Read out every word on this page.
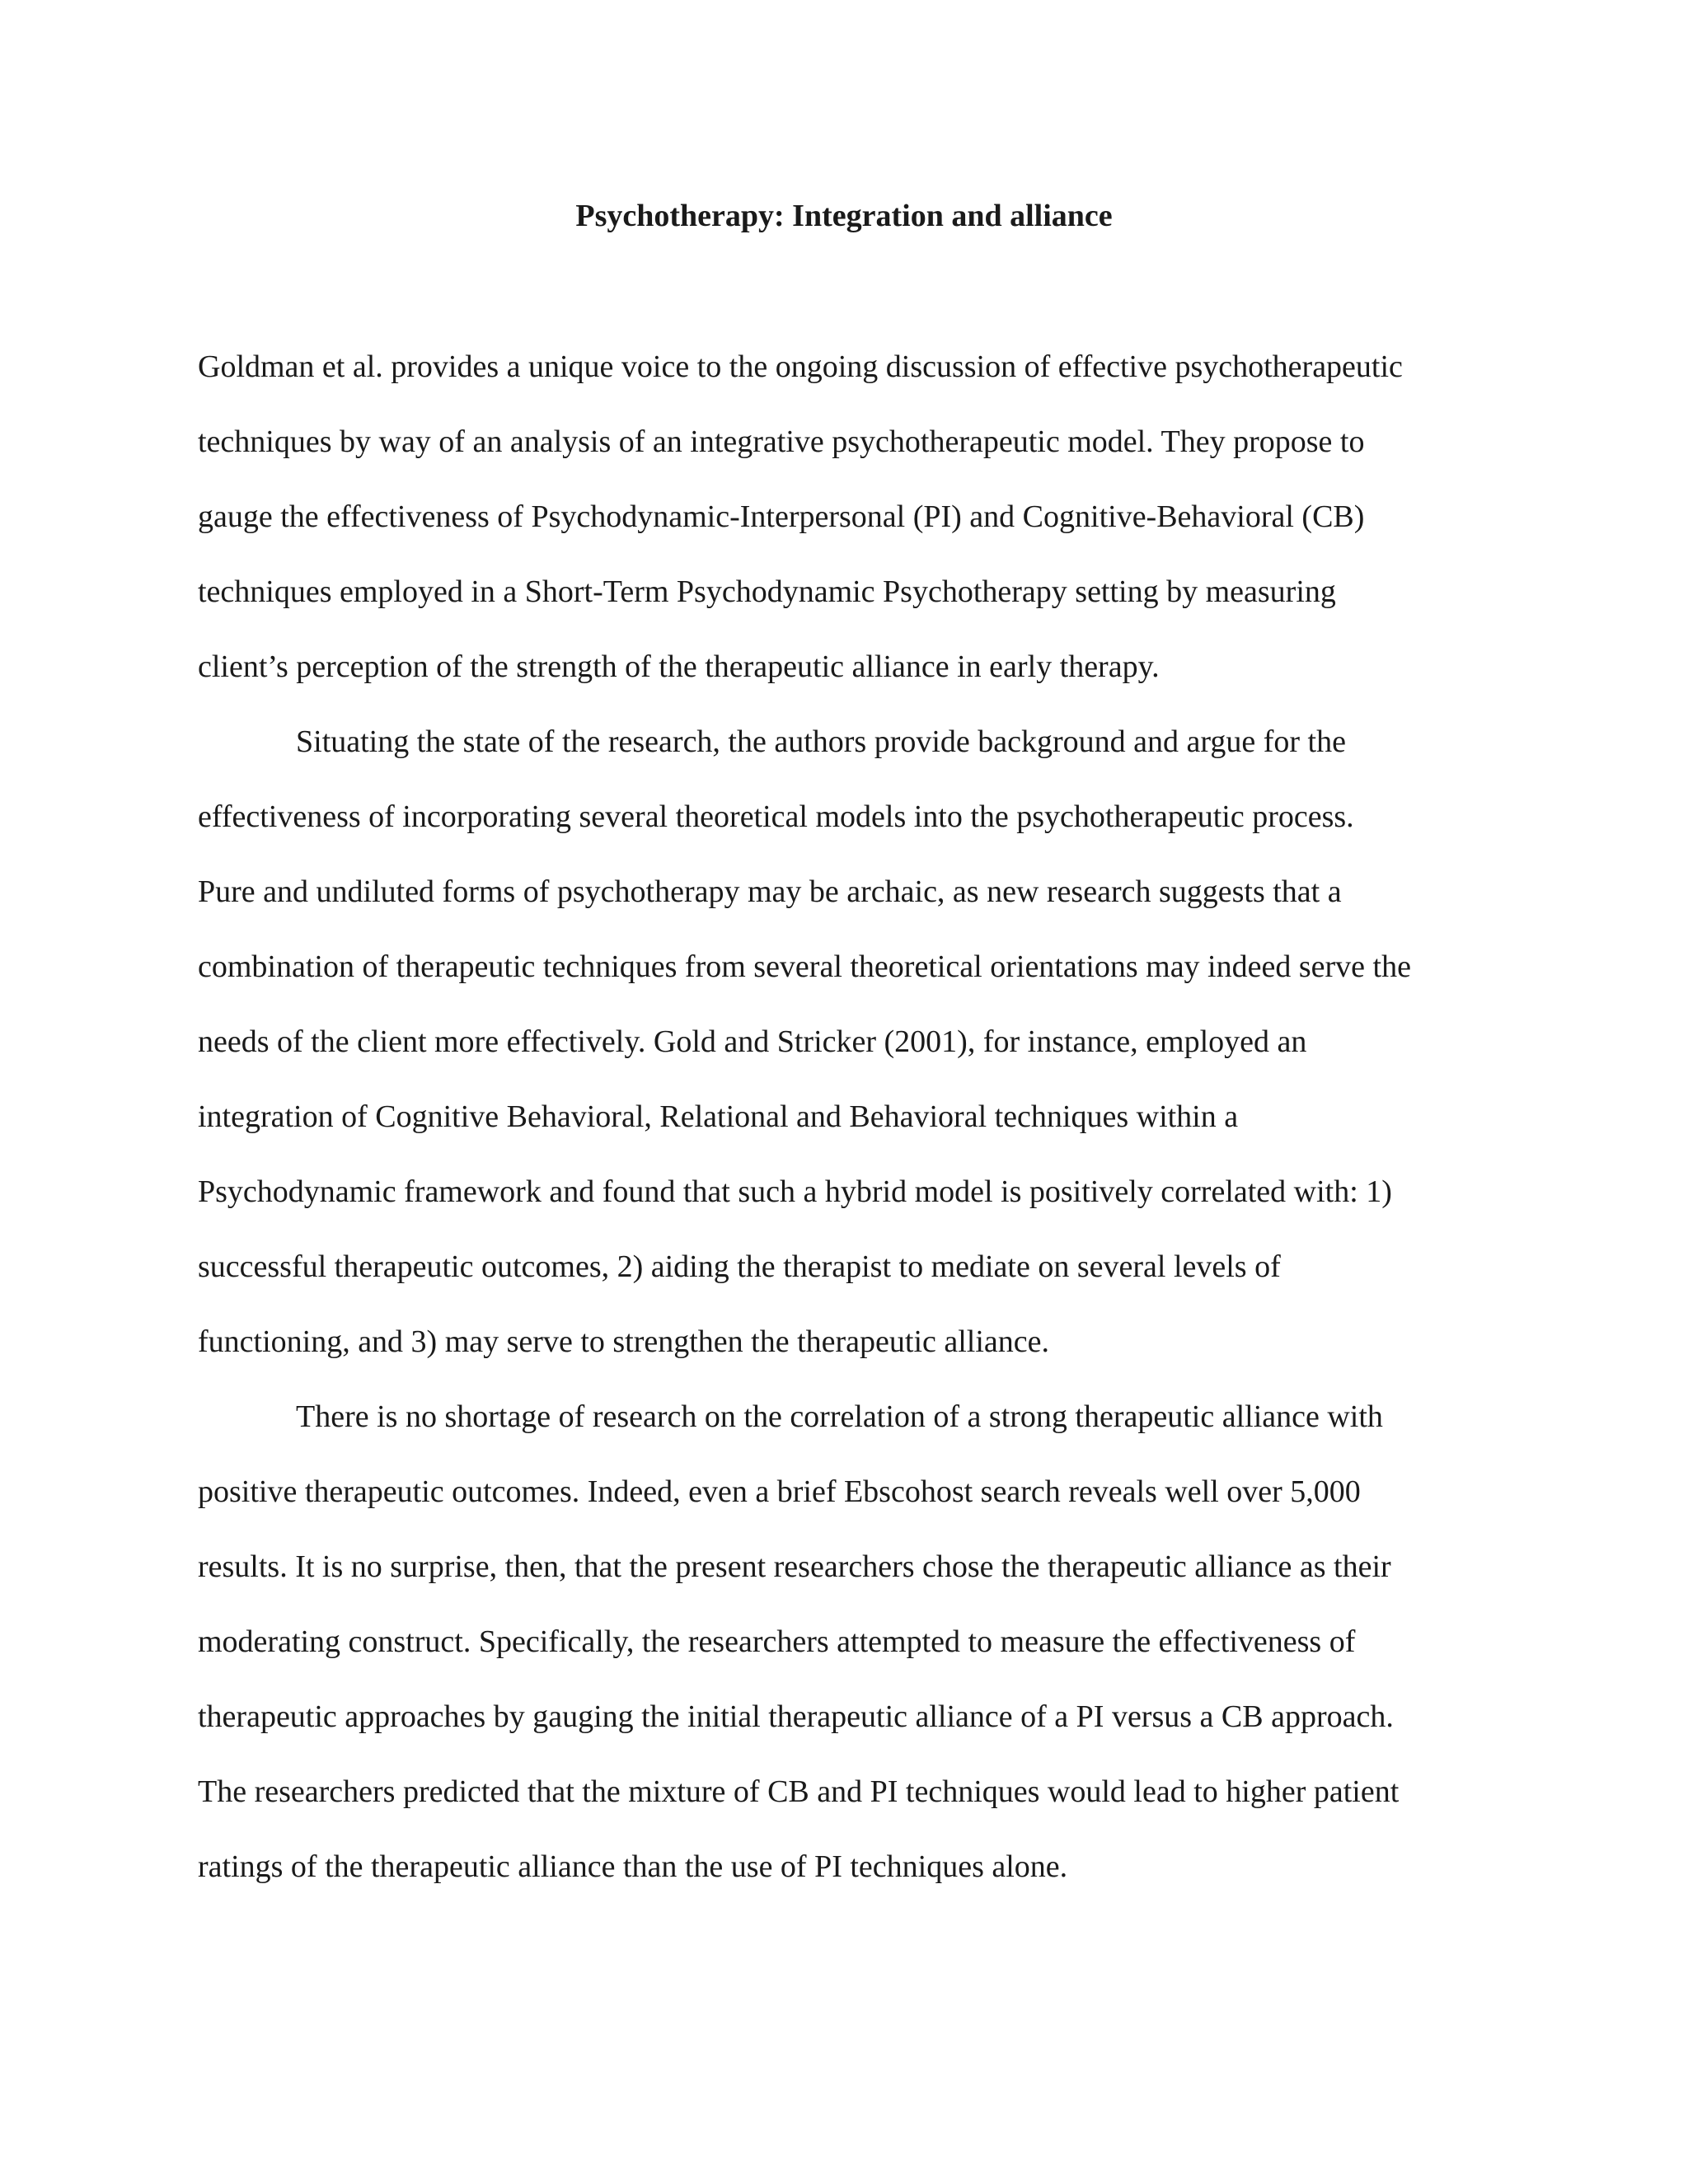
Psychotherapy: Integration and alliance
Goldman et al. provides a unique voice to the ongoing discussion of effective psychotherapeutic
techniques by way of an analysis of an integrative psychotherapeutic model. They propose to
gauge the effectiveness of Psychodynamic-Interpersonal (PI) and Cognitive-Behavioral (CB)
techniques employed in a Short-Term Psychodynamic Psychotherapy setting by measuring
client’s perception of the strength of the therapeutic alliance in early therapy.
Situating the state of the research, the authors provide background and argue for the
effectiveness of incorporating several theoretical models into the psychotherapeutic process.
Pure and undiluted forms of psychotherapy may be archaic, as new research suggests that a
combination of therapeutic techniques from several theoretical orientations may indeed serve the
needs of the client more effectively. Gold and Stricker (2001), for instance, employed an
integration of Cognitive Behavioral, Relational and Behavioral techniques within a
Psychodynamic framework and found that such a hybrid model is positively correlated with: 1)
successful therapeutic outcomes, 2) aiding the therapist to mediate on several levels of
functioning, and 3) may serve to strengthen the therapeutic alliance.
There is no shortage of research on the correlation of a strong therapeutic alliance with
positive therapeutic outcomes. Indeed, even a brief Ebscohost search reveals well over 5,000
results. It is no surprise, then, that the present researchers chose the therapeutic alliance as their
moderating construct. Specifically, the researchers attempted to measure the effectiveness of
therapeutic approaches by gauging the initial therapeutic alliance of a PI versus a CB approach.
The researchers predicted that the mixture of CB and PI techniques would lead to higher patient
ratings of the therapeutic alliance than the use of PI techniques alone.
